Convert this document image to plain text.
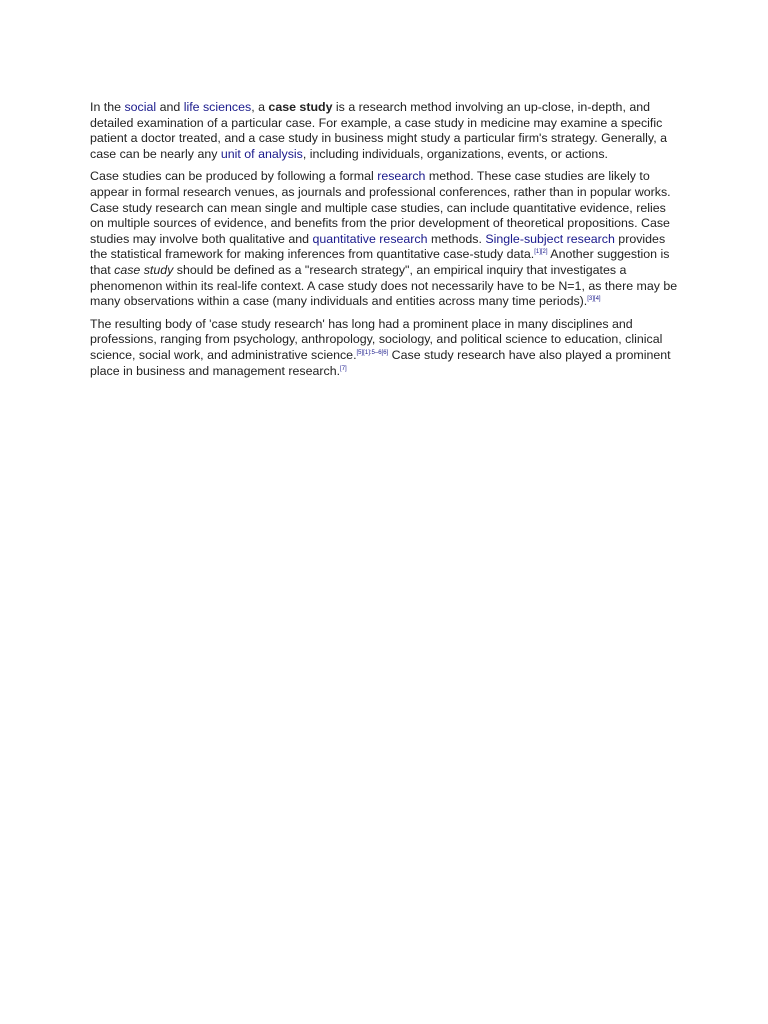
In the social and life sciences, a case study is a research method involving an up-close, in-depth, and detailed examination of a particular case. For example, a case study in medicine may examine a specific patient a doctor treated, and a case study in business might study a particular firm's strategy. Generally, a case can be nearly any unit of analysis, including individuals, organizations, events, or actions.

Case studies can be produced by following a formal research method. These case studies are likely to appear in formal research venues, as journals and professional conferences, rather than in popular works. Case study research can mean single and multiple case studies, can include quantitative evidence, relies on multiple sources of evidence, and benefits from the prior development of theoretical propositions. Case studies may involve both qualitative and quantitative research methods. Single-subject research provides the statistical framework for making inferences from quantitative case-study data.[1][2] Another suggestion is that case study should be defined as a "research strategy", an empirical inquiry that investigates a phenomenon within its real-life context. A case study does not necessarily have to be N=1, as there may be many observations within a case (many individuals and entities across many time periods).[3][4]

The resulting body of 'case study research' has long had a prominent place in many disciplines and professions, ranging from psychology, anthropology, sociology, and political science to education, clinical science, social work, and administrative science.[5][1]:5–6[6] Case study research have also played a prominent place in business and management research.[7]
